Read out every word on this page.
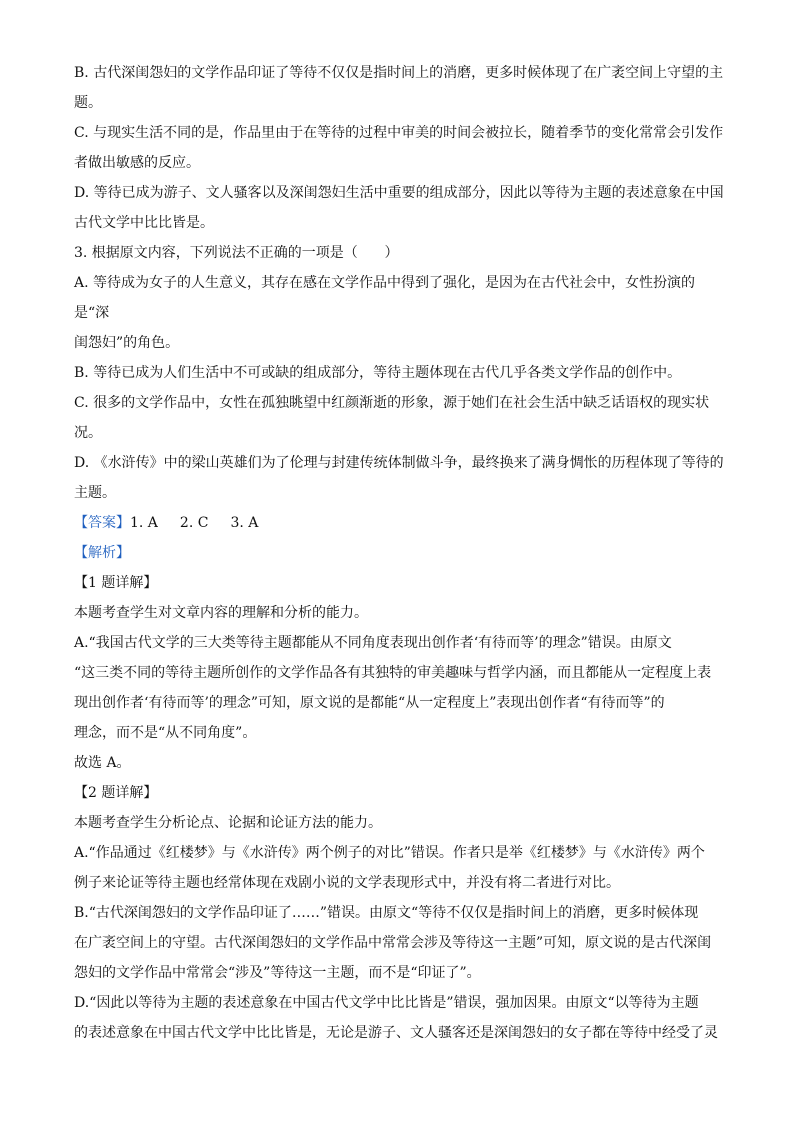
B. 古代深闺怨妇的文学作品印证了等待不仅仅是指时间上的消磨，更多时候体现了在广袤空间上守望的主

题。

C. 与现实生活不同的是，作品里由于在等待的过程中审美的时间会被拉长，随着季节的变化常常会引发作

者做出敏感的反应。

D. 等待已成为游子、文人骚客以及深闺怨妇生活中重要的组成部分，因此以等待为主题的表述意象在中国

古代文学中比比皆是。

3. 根据原文内容，下列说法不正确的一项是（      ）

A. 等待成为女子的人生意义，其存在感在文学作品中得到了强化，是因为在古代社会中，女性扮演的是“深

闺怨妇”的角色。

B. 等待已成为人们生活中不可或缺的组成部分，等待主题体现在古代几乎各类文学作品的创作中。

C. 很多的文学作品中，女性在孤独眺望中红颜渐逝的形象，源于她们在社会生活中缺乏话语权的现实状况。

D. 《水浒传》中的梁山英雄们为了伦理与封建传统体制做斗争，最终换来了满身惆怅的历程体现了等待的

主题。

【答案】1. A 2. C 3. A

【解析】

【1 题详解】

本题考查学生对文章内容的理解和分析的能力。

A.“我国古代文学的三大类等待主题都能从不同角度表现出创作者‘有待而等’的理念”错误。由原文

“这三类不同的等待主题所创作的文学作品各有其独特的审美趣味与哲学内涵，而且都能从一定程度上表

现出创作者‘有待而等’的理念”可知，原文说的是都能“从一定程度上”表现出创作者“有待而等”的

理念，而不是“从不同角度”。

故选 A。

【2 题详解】

本题考查学生分析论点、论据和论证方法的能力。

A.“作品通过《红楼梦》与《水浒传》两个例子的对比”错误。作者只是举《红楼梦》与《水浒传》两个

例子来论证等待主题也经常体现在戏剧小说的文学表现形式中，并没有将二者进行对比。

B.“古代深闺怨妇的文学作品印证了……”错误。由原文“等待不仅仅是指时间上的消磨，更多时候体现

在广袤空间上的守望。古代深闺怨妇的文学作品中常常会涉及等待这一主题”可知，原文说的是古代深闺

怨妇的文学作品中常常会“涉及”等待这一主题，而不是“印证了”。

D.“因此以等待为主题的表述意象在中国古代文学中比比皆是”错误，强加因果。由原文“以等待为主题

的表述意象在中国古代文学中比比皆是，无论是游子、文人骚客还是深闺怨妇的女子都在等待中经受了灵
